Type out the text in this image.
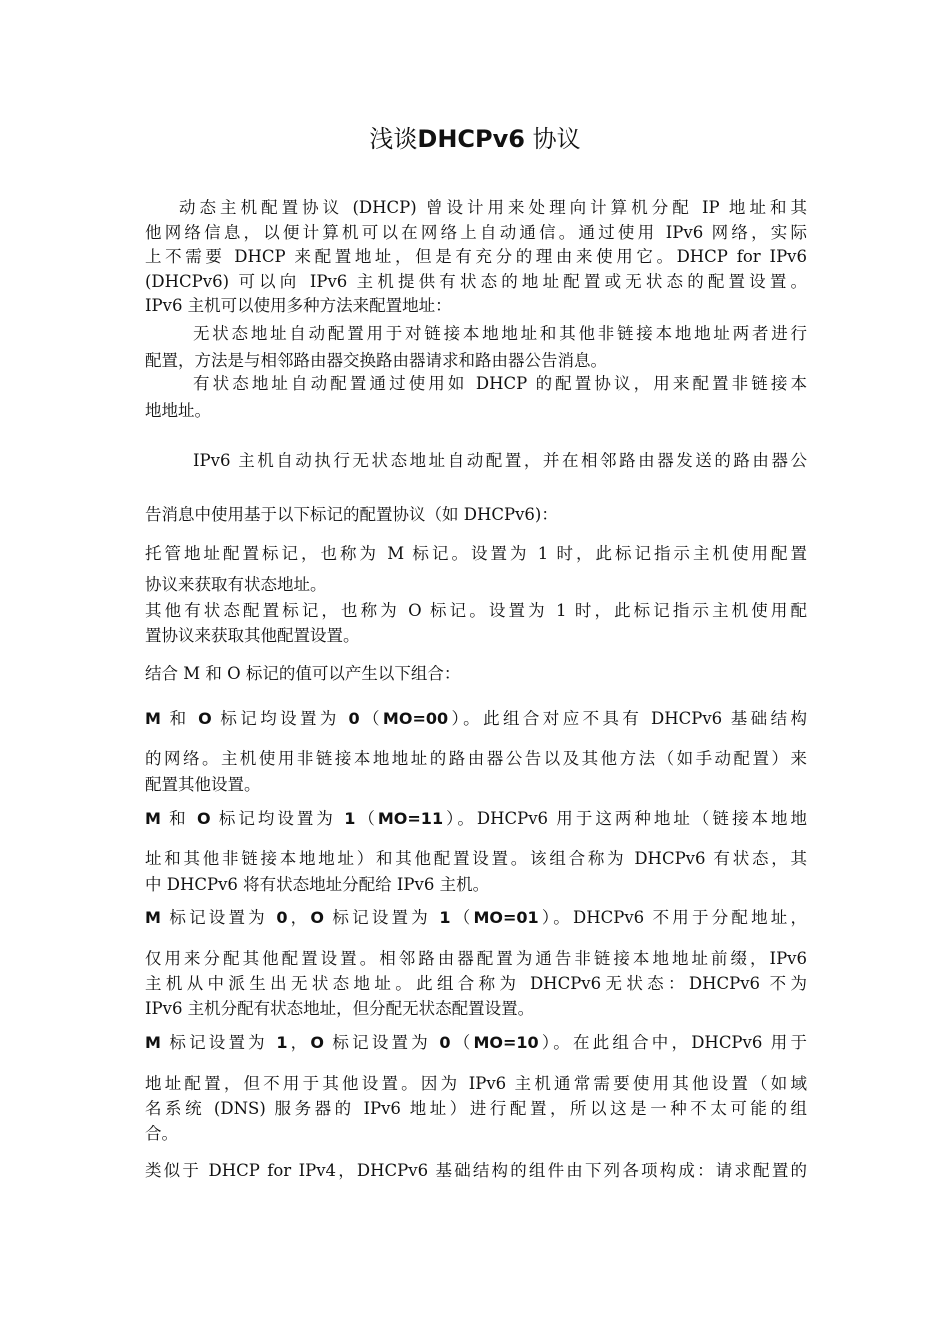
浅谈DHCPv6 协议

动态主机配置协议 (DHCP) 曾设计用来处理向计算机分配 IP 地址和其
他网络信息，以便计算机可以在网络上自动通信。通过使用 IPv6 网络，实际
上不需要 DHCP 来配置地址，但是有充分的理由来使用它。DHCP for IPv6
(DHCPv6) 可以向 IPv6 主机提供有状态的地址配置或无状态的配置设置。
IPv6 主机可以使用多种方法来配置地址：

无状态地址自动配置用于对链接本地地址和其他非链接本地地址两者进行
配置，方法是与相邻路由器交换路由器请求和路由器公告消息。

有状态地址自动配置通过使用如 DHCP 的配置协议，用来配置非链接本
地地址。

IPv6 主机自动执行无状态地址自动配置，并在相邻路由器发送的路由器公
告消息中使用基于以下标记的配置协议（如 DHCPv6)：

托管地址配置标记，也称为 M 标记。设置为 1 时，此标记指示主机使用配置
协议来获取有状态地址。

其他有状态配置标记，也称为 O 标记。设置为 1 时，此标记指示主机使用配
置协议来获取其他配置设置。

结合 M 和 O 标记的值可以产生以下组合：

M 和 O 标记均设置为 0（MO=00）。此组合对应不具有 DHCPv6 基础结构
的网络。主机使用非链接本地地址的路由器公告以及其他方法（如手动配置）来
配置其他设置。

M 和 O 标记均设置为 1（MO=11）。DHCPv6 用于这两种地址（链接本地地
址和其他非链接本地地址）和其他配置设置。该组合称为 DHCPv6 有状态，其
中 DHCPv6 将有状态地址分配给 IPv6 主机。

M 标记设置为 0，O 标记设置为 1（MO=01）。DHCPv6 不用于分配地址，
仅用来分配其他配置设置。相邻路由器配置为通告非链接本地地址前缀，IPv6
主机从中派生出无状态地址。此组合称为 DHCPv6无状态：DHCPv6 不为
IPv6 主机分配有状态地址，但分配无状态配置设置。

M 标记设置为 1，O 标记设置为 0（MO=10）。在此组合中，DHCPv6 用于
地址配置，但不用于其他设置。因为 IPv6 主机通常需要使用其他设置（如域
名系统 (DNS) 服务器的 IPv6 地址）进行配置，所以这是一种不太可能的组
合。

类似于 DHCP for IPv4，DHCPv6 基础结构的组件由下列各项构成：请求配置的
